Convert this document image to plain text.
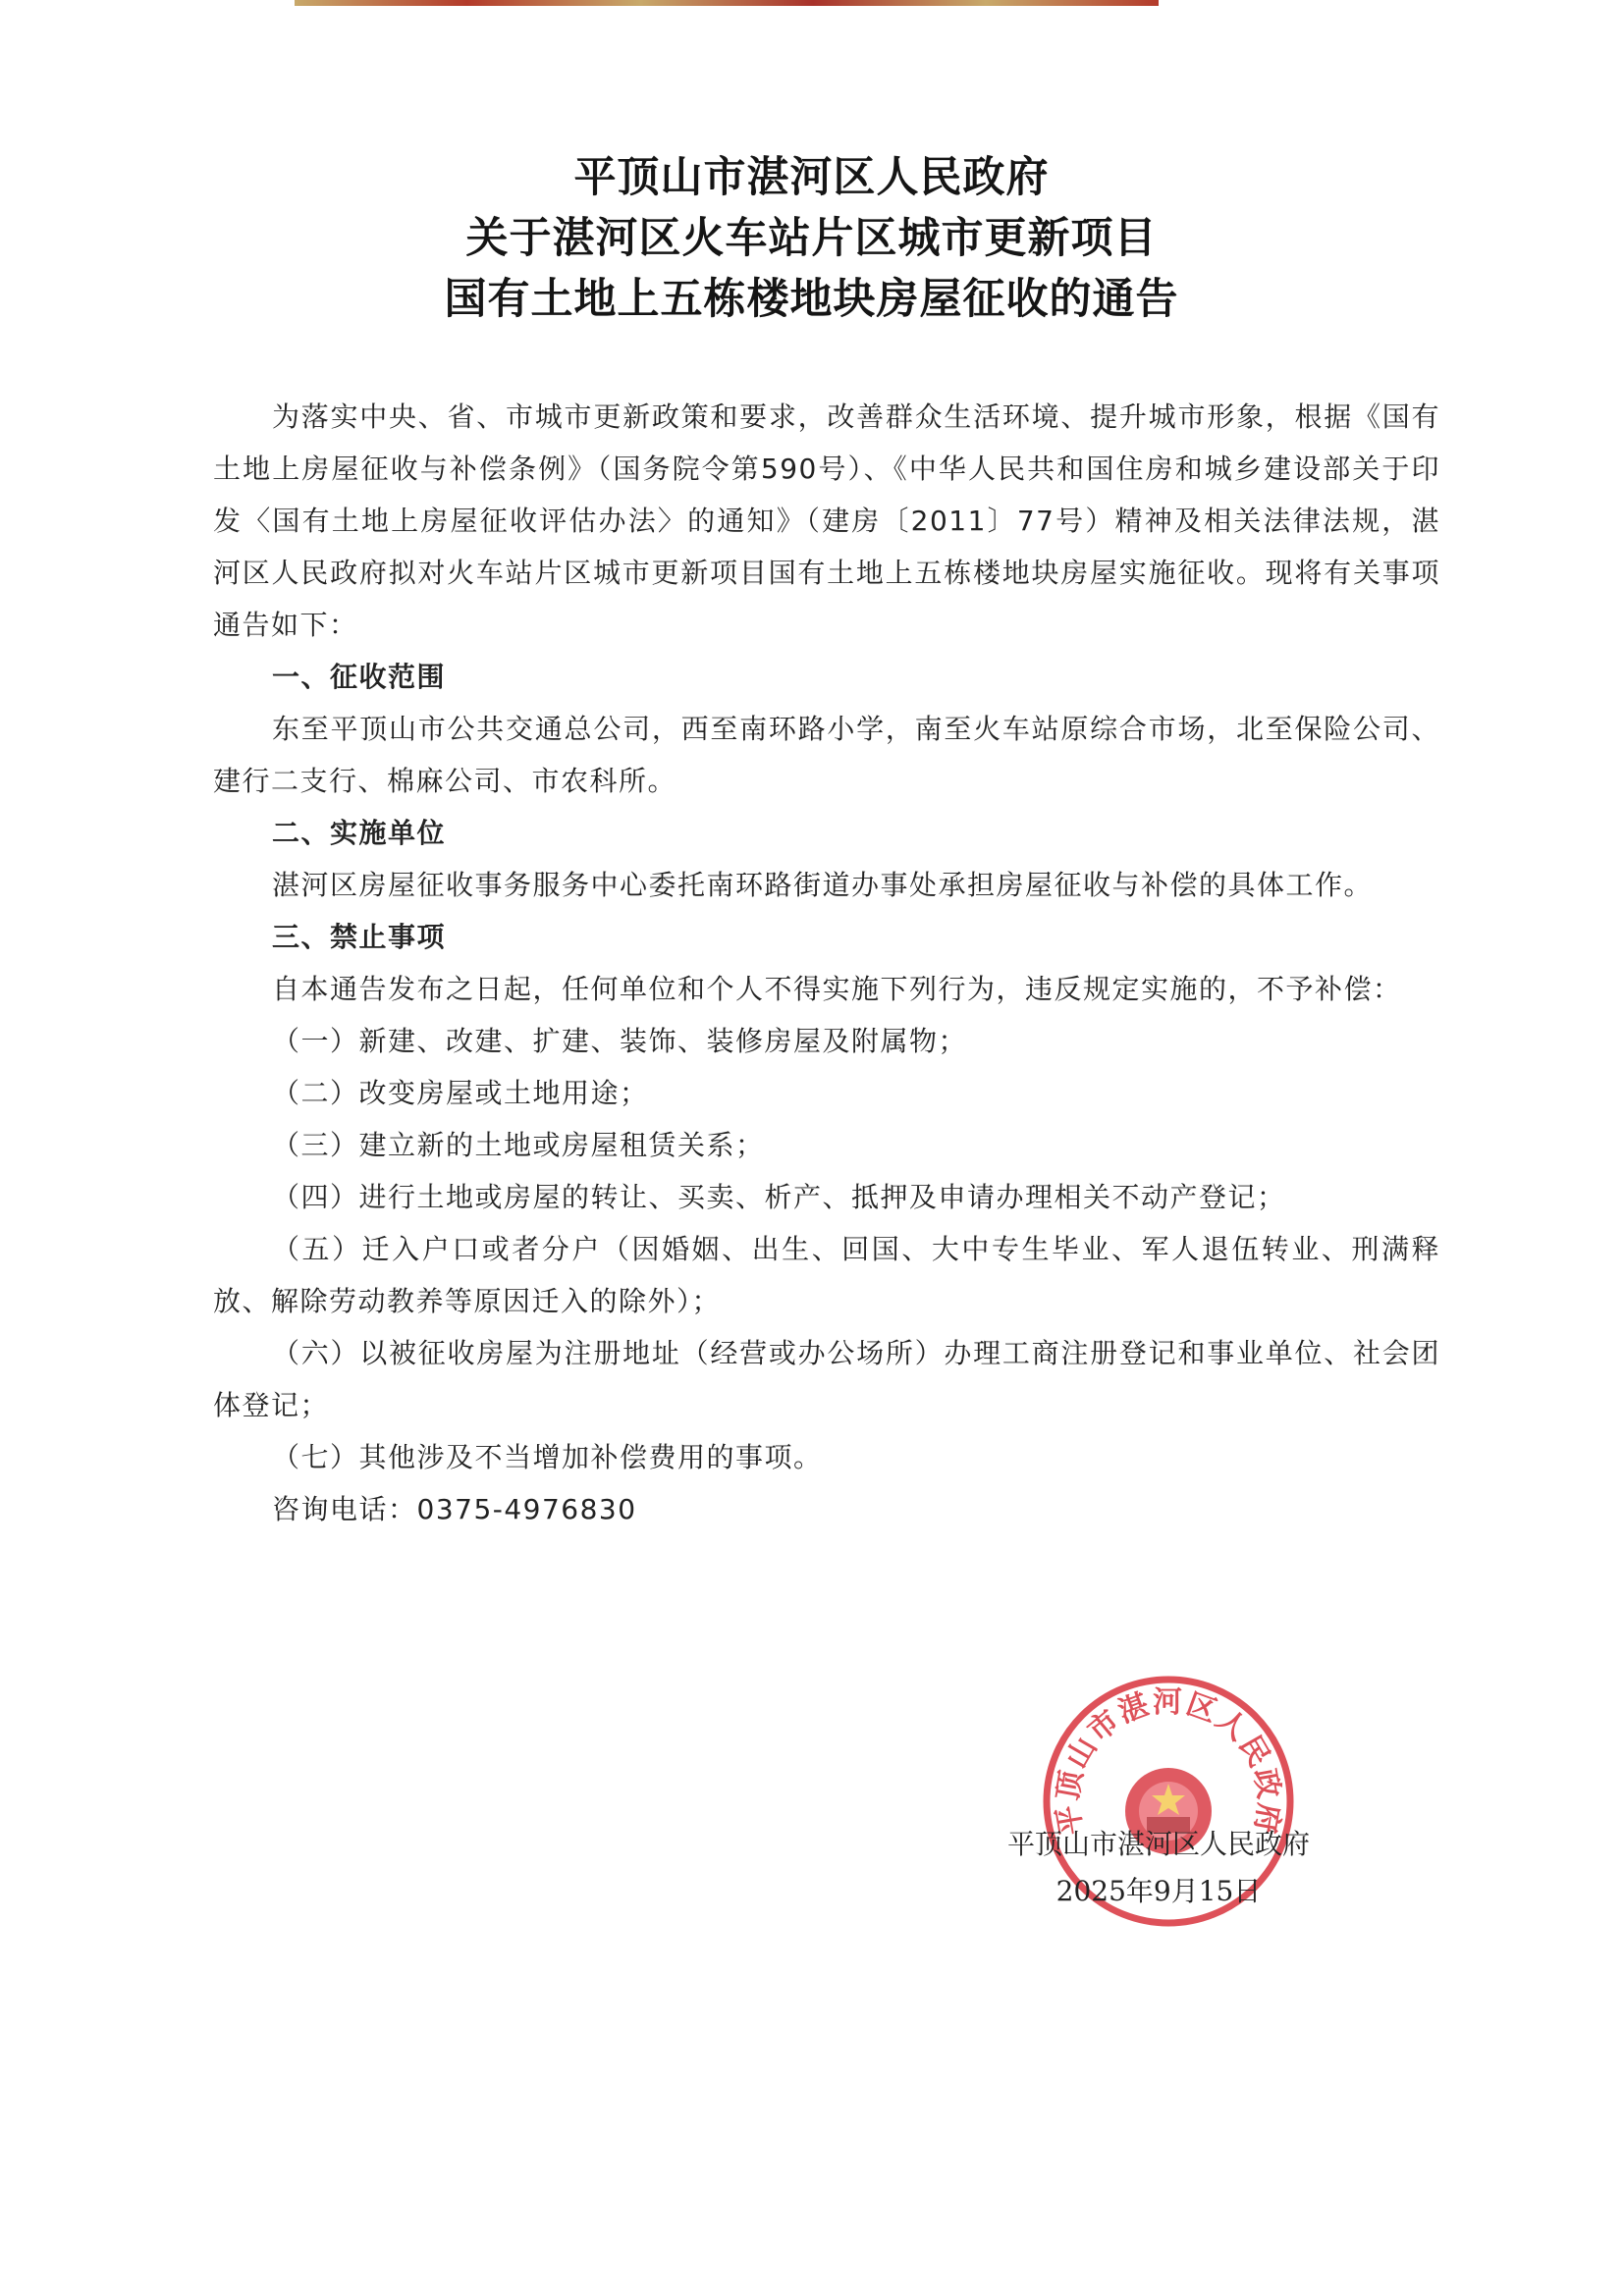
平顶山市湛河区人民政府
关于湛河区火车站片区城市更新项目
国有土地上五栋楼地块房屋征收的通告

为落实中央、省、市城市更新政策和要求，改善群众生活环境、提升城市形象，根据《国有土地上房屋征收与补偿条例》（国务院令第590号）、《中华人民共和国住房和城乡建设部关于印发〈国有土地上房屋征收评估办法〉的通知》（建房〔2011〕77号）精神及相关法律法规，湛河区人民政府拟对火车站片区城市更新项目国有土地上五栋楼地块房屋实施征收。现将有关事项通告如下：

一、征收范围

东至平顶山市公共交通总公司，西至南环路小学，南至火车站原综合市场，北至保险公司、建行二支行、棉麻公司、市农科所。

二、实施单位

湛河区房屋征收事务服务中心委托南环路街道办事处承担房屋征收与补偿的具体工作。

三、禁止事项

自本通告发布之日起，任何单位和个人不得实施下列行为，违反规定实施的，不予补偿：

（一）新建、改建、扩建、装饰、装修房屋及附属物；

（二）改变房屋或土地用途；

（三）建立新的土地或房屋租赁关系；

（四）进行土地或房屋的转让、买卖、析产、抵押及申请办理相关不动产登记；

（五）迁入户口或者分户（因婚姻、出生、回国、大中专生毕业、军人退伍转业、刑满释放、解除劳动教养等原因迁入的除外）；

（六）以被征收房屋为注册地址（经营或办公场所）办理工商注册登记和事业单位、社会团体登记；

（七）其他涉及不当增加补偿费用的事项。

咨询电话：0375-4976830

平顶山市湛河区人民政府
平顶山市湛河区人民政府
2025年9月15日
